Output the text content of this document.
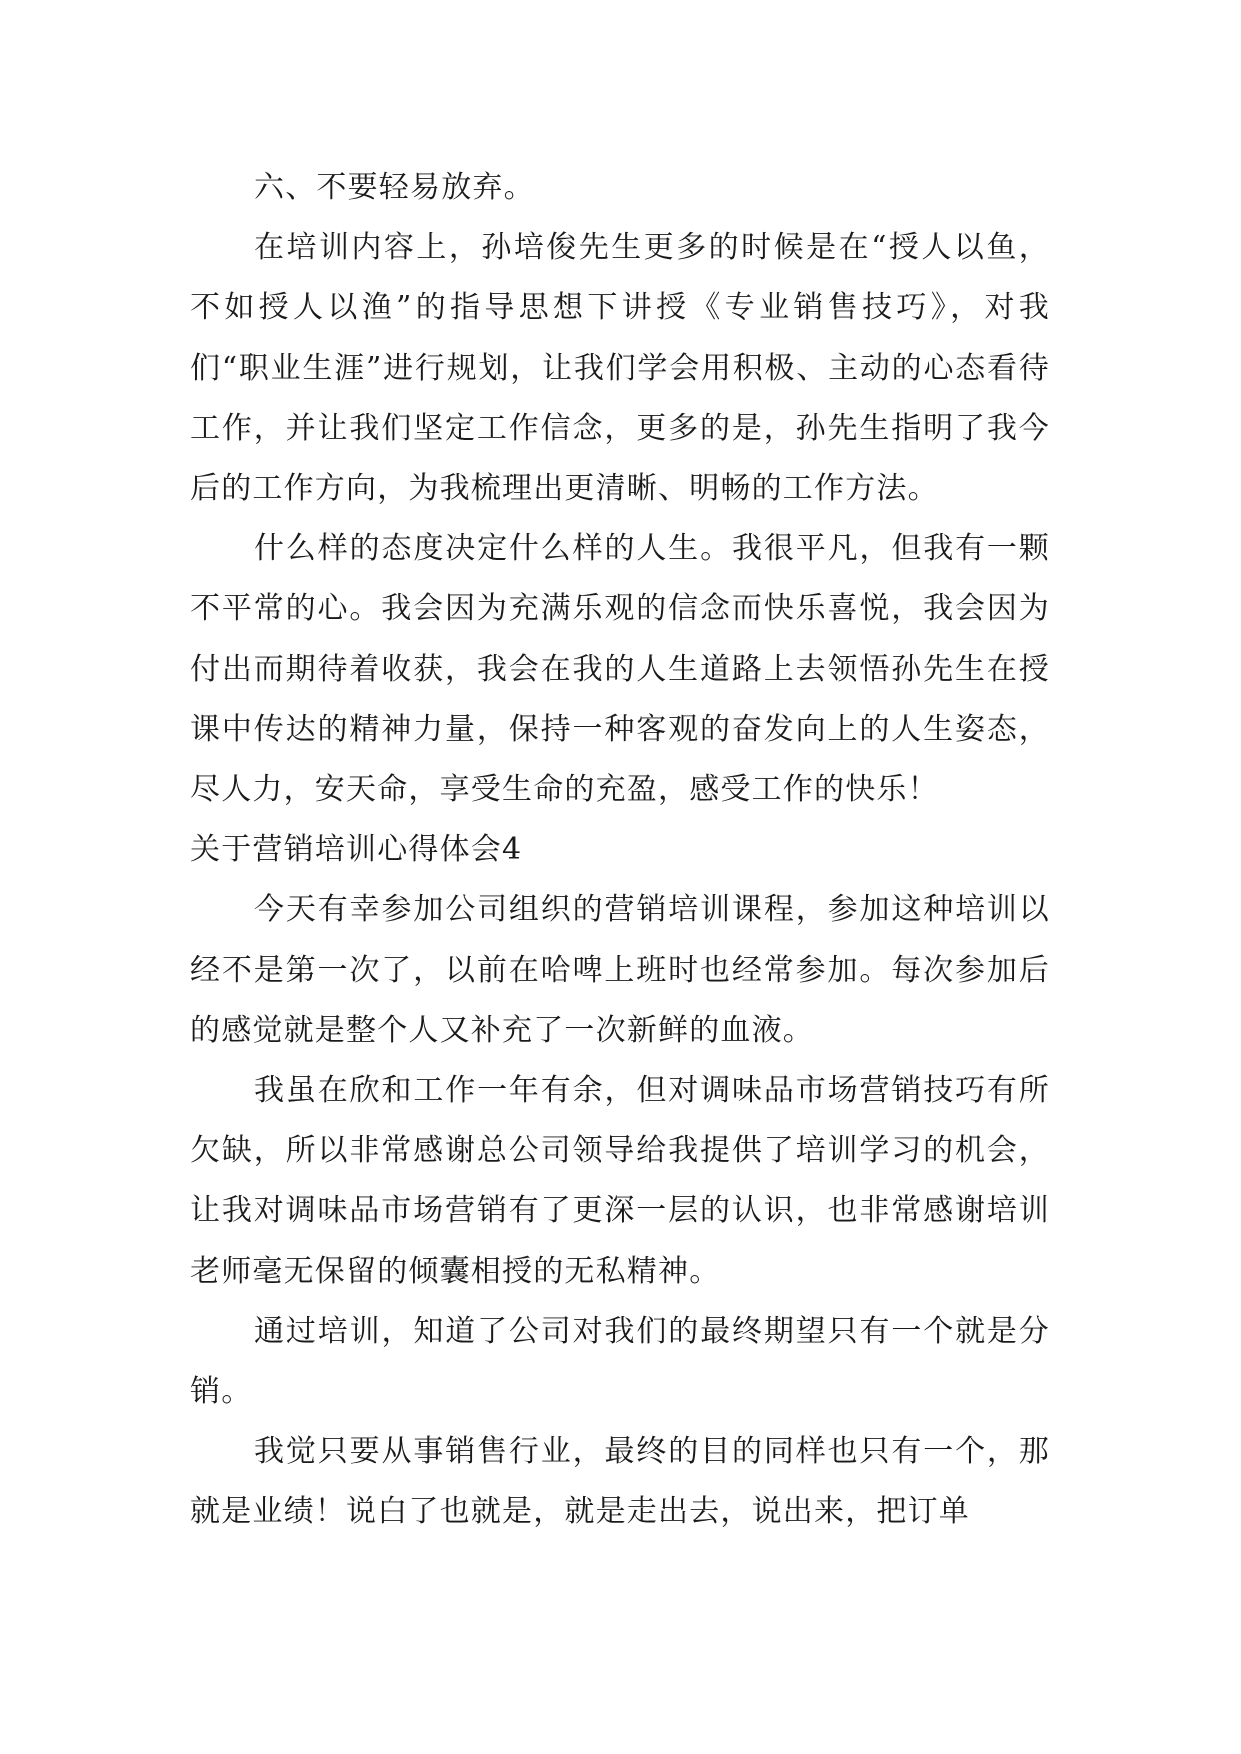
六、不要轻易放弃。

在培训内容上，孙培俊先生更多的时候是在“授人以鱼，不如授人以渔”的指导思想下讲授《专业销售技巧》，对我们“职业生涯”进行规划，让我们学会用积极、主动的心态看待工作，并让我们坚定工作信念，更多的是，孙先生指明了我今后的工作方向，为我梳理出更清晰、明畅的工作方法。

什么样的态度决定什么样的人生。我很平凡，但我有一颗不平常的心。我会因为充满乐观的信念而快乐喜悦，我会因为付出而期待着收获，我会在我的人生道路上去领悟孙先生在授课中传达的精神力量，保持一种客观的奋发向上的人生姿态，尽人力，安天命，享受生命的充盈，感受工作的快乐！

关于营销培训心得体会4

今天有幸参加公司组织的营销培训课程，参加这种培训以经不是第一次了，以前在哈啤上班时也经常参加。每次参加后的感觉就是整个人又补充了一次新鲜的血液。

我虽在欣和工作一年有余，但对调味品市场营销技巧有所欠缺，所以非常感谢总公司领导给我提供了培训学习的机会，让我对调味品市场营销有了更深一层的认识，也非常感谢培训老师毫无保留的倾囊相授的无私精神。

通过培训，知道了公司对我们的最终期望只有一个就是分销。

我觉只要从事销售行业，最终的目的同样也只有一个，那就是业绩！说白了也就是，就是走出去，说出来，把订单
